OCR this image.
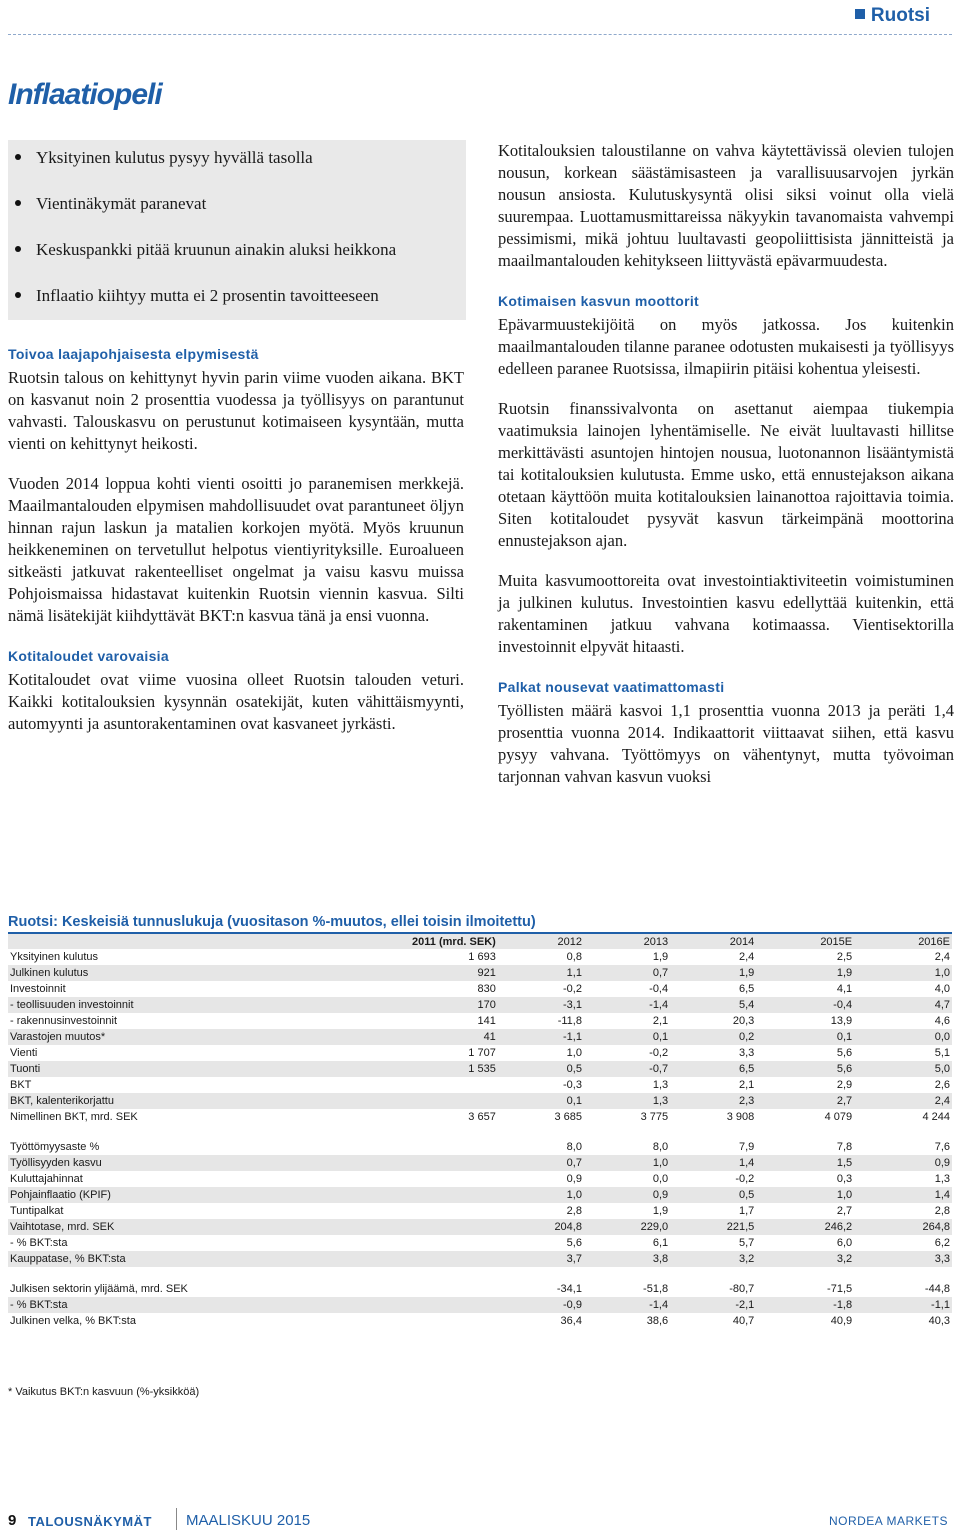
Ruotsi
Inflaatiopeli
Yksityinen kulutus pysyy hyvällä tasolla
Vientinäkymät paranevat
Keskuspankki pitää kruunun ainakin aluksi heikkona
Inflaatio kiihtyy mutta ei 2 prosentin tavoitteeseen
Toivoa laajapohjaisesta elpymisestä

Ruotsin talous on kehittynyt hyvin parin viime vuoden aikana. BKT on kasvanut noin 2 prosenttia vuodessa ja työllisyys on parantunut vahvasti. Talouskasvu on perustunut kotimaiseen kysyntään, mutta vienti on kehittynyt heikosti.

Vuoden 2014 loppua kohti vienti osoitti jo paranemisen merkkejä. Maailmantalouden elpymisen mahdollisuudet ovat parantuneet öljyn hinnan rajun laskun ja matalien korkojen myötä. Myös kruunun heikkeneminen on tervetullut helpotus vientiyrityksille. Euroalueen sitkeästi jatkuvat rakenteelliset ongelmat ja vaisu kasvu muissa Pohjoismaissa hidastavat kuitenkin Ruotsin viennin kasvua. Silti nämä lisätekijät kiihdyttävät BKT:n kasvua tänä ja ensi vuonna.

Kotitaloudet varovaisia

Kotitaloudet ovat viime vuosina olleet Ruotsin talouden veturi. Kaikki kotitalouksien kysynnän osatekijät, kuten vähittäismyynti, automyynti ja asuntorakentaminen ovat kasvaneet jyrkästi.

Kotitalouksien taloustilanne on vahva käytettävissä olevien tulojen nousun, korkean säästämisasteen ja varallisuusarvojen jyrkän nousun ansiosta. Kulutuskysyntä olisi siksi voinut olla vielä suurempaa. Luottamusmittareissa näkyykin tavanomaista vahvempi pessimismi, mikä johtuu luultavasti geopoliittisista jännitteistä ja maailmantalouden kehitykseen liittyvästä epävarmuudesta.

Kotimaisen kasvun moottorit

Epävarmuustekijöitä on myös jatkossa. Jos kuitenkin maailmantalouden tilanne paranee odotusten mukaisesti ja työllisyys edelleen paranee Ruotsissa, ilmapiirin pitäisi kohentua yleisesti.

Ruotsin finanssivalvonta on asettanut aiempaa tiukempia vaatimuksia lainojen lyhentämiselle. Ne eivät luultavasti hillitse merkittävästi asuntojen hintojen nousua, luotonannon lisääntymistä tai kotitalouksien kulutusta. Emme usko, että ennustejakson aikana otetaan käyttöön muita kotitalouksien lainanottoa rajoittavia toimia. Siten kotitaloudet pysyvät kasvun tärkeimpänä moottorina ennustejakson ajan.

Muita kasvumoottoreita ovat investointiaktiviteetin voimistuminen ja julkinen kulutus. Investointien kasvu edellyttää kuitenkin, että rakentaminen jatkuu vahvana kotimaassa. Vientisektorilla investoinnit elpyvät hitaasti.

Palkat nousevat vaatimattomasti

Työllisten määrä kasvoi 1,1 prosenttia vuonna 2013 ja peräti 1,4 prosenttia vuonna 2014. Indikaattorit viittaavat siihen, että kasvu pysyy vahvana. Työttömyys on vähentynyt, mutta työvoiman tarjonnan vahvan kasvun vuoksi

Ruotsi: Keskeisiä tunnuslukuja (vuositason %-muutos, ellei toisin ilmoitettu)
	2011 (mrd. SEK)	2012	2013	2014	2015E	2016E
Yksityinen kulutus	1 693	0,8	1,9	2,4	2,5	2,4
Julkinen kulutus	921	1,1	0,7	1,9	1,9	1,0
Investoinnit	830	-0,2	-0,4	6,5	4,1	4,0
- teollisuuden investoinnit	170	-3,1	-1,4	5,4	-0,4	4,7
- rakennusinvestoinnit	141	-11,8	2,1	20,3	13,9	4,6
Varastojen muutos*	41	-1,1	0,1	0,2	0,1	0,0
Vienti	1 707	1,0	-0,2	3,3	5,6	5,1
Tuonti	1 535	0,5	-0,7	6,5	5,6	5,0
BKT		-0,3	1,3	2,1	2,9	2,6
BKT, kalenterikorjattu		0,1	1,3	2,3	2,7	2,4
Nimellinen BKT, mrd. SEK	3 657	3 685	3 775	3 908	4 079	4 244

Työttömyysaste %		8,0	8,0	7,9	7,8	7,6
Työllisyyden kasvu		0,7	1,0	1,4	1,5	0,9
Kuluttajahinnat		0,9	0,0	-0,2	0,3	1,3
Pohjainflaatio (KPIF)		1,0	0,9	0,5	1,0	1,4
Tuntipalkat		2,8	1,9	1,7	2,7	2,8
Vaihtotase, mrd. SEK		204,8	229,0	221,5	246,2	264,8
- % BKT:sta		5,6	6,1	5,7	6,0	6,2
Kauppatase, % BKT:sta		3,7	3,8	3,2	3,2	3,3

Julkisen sektorin ylijäämä, mrd. SEK		-34,1	-51,8	-80,7	-71,5	-44,8
- % BKT:sta		-0,9	-1,4	-2,1	-1,8	-1,1
Julkinen velka, % BKT:sta		36,4	38,6	40,7	40,9	40,3
* Vaikutus BKT:n kasvuun (%-yksikköä)
9 TALOUSNÄKYMÄT MAALISKUU 2015	NORDEA MARKETS
